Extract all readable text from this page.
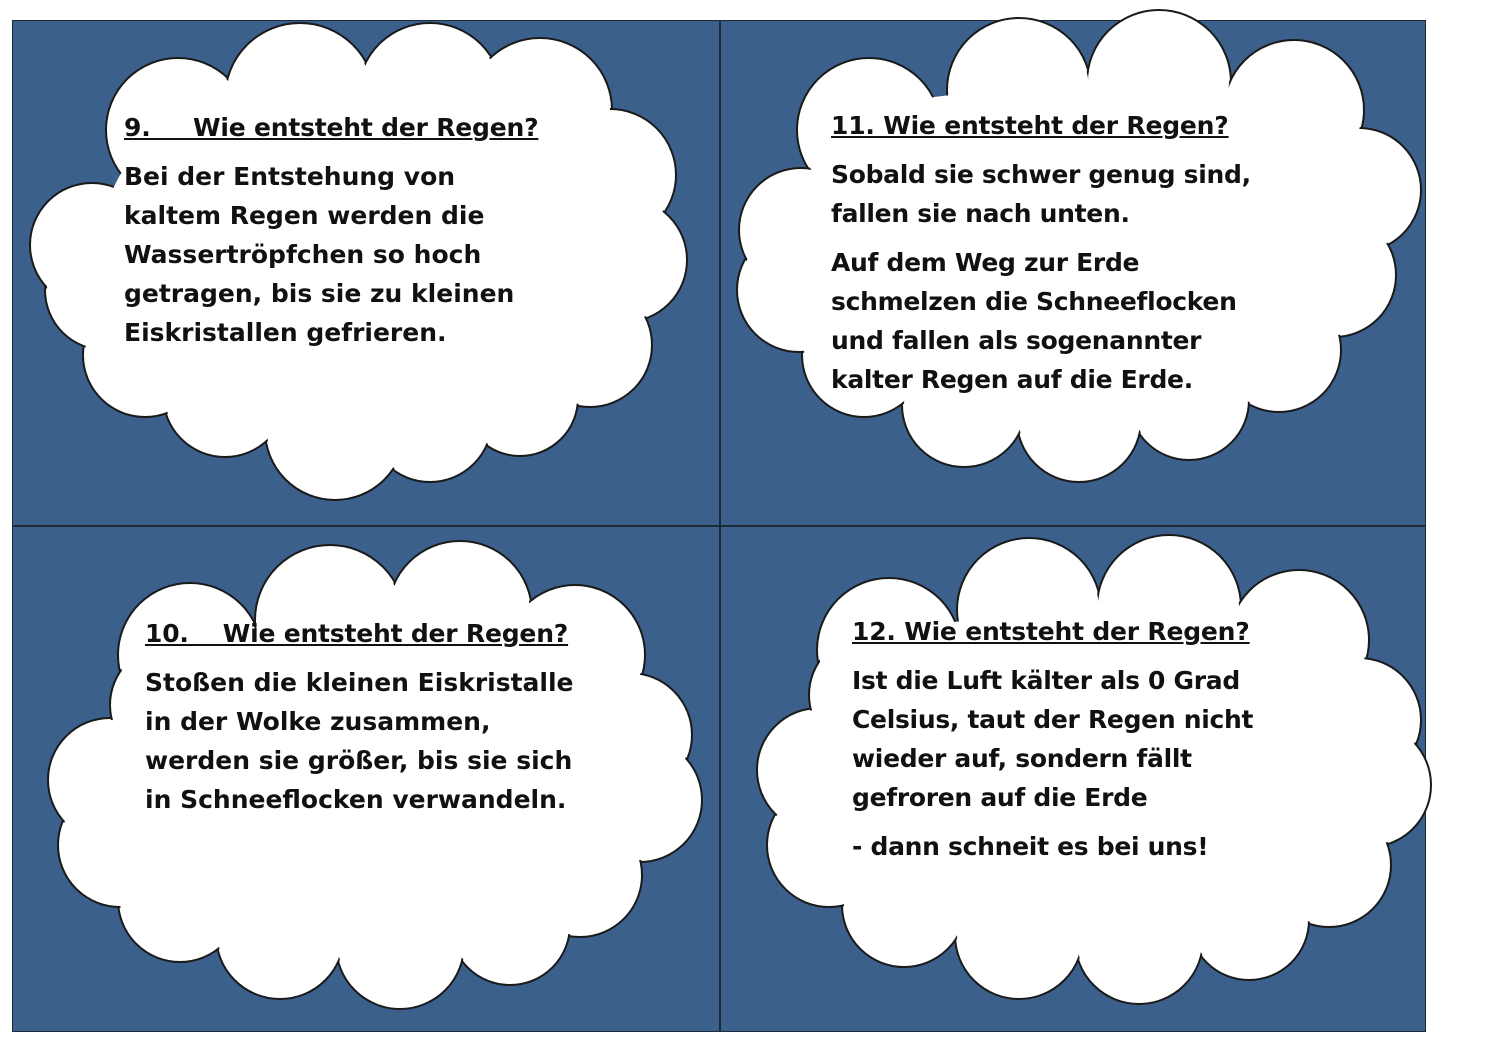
9.     Wie entsteht der Regen?
Bei der Entstehung von
kaltem Regen werden die
Wassertröpfchen so hoch
getragen, bis sie zu kleinen
Eiskristallen gefrieren.
11. Wie entsteht der Regen?
Sobald sie schwer genug sind,
fallen sie nach unten.
Auf dem Weg zur Erde
schmelzen die Schneeflocken
und fallen als sogenannter
kalter Regen auf die Erde.
10.    Wie entsteht der Regen?
Stoßen die kleinen Eiskristalle
in der Wolke zusammen,
werden sie größer, bis sie sich
in Schneeflocken verwandeln.
12. Wie entsteht der Regen?
Ist die Luft kälter als 0 Grad
Celsius, taut der Regen nicht
wieder auf, sondern fällt
gefroren auf die Erde
- dann schneit es bei uns!
